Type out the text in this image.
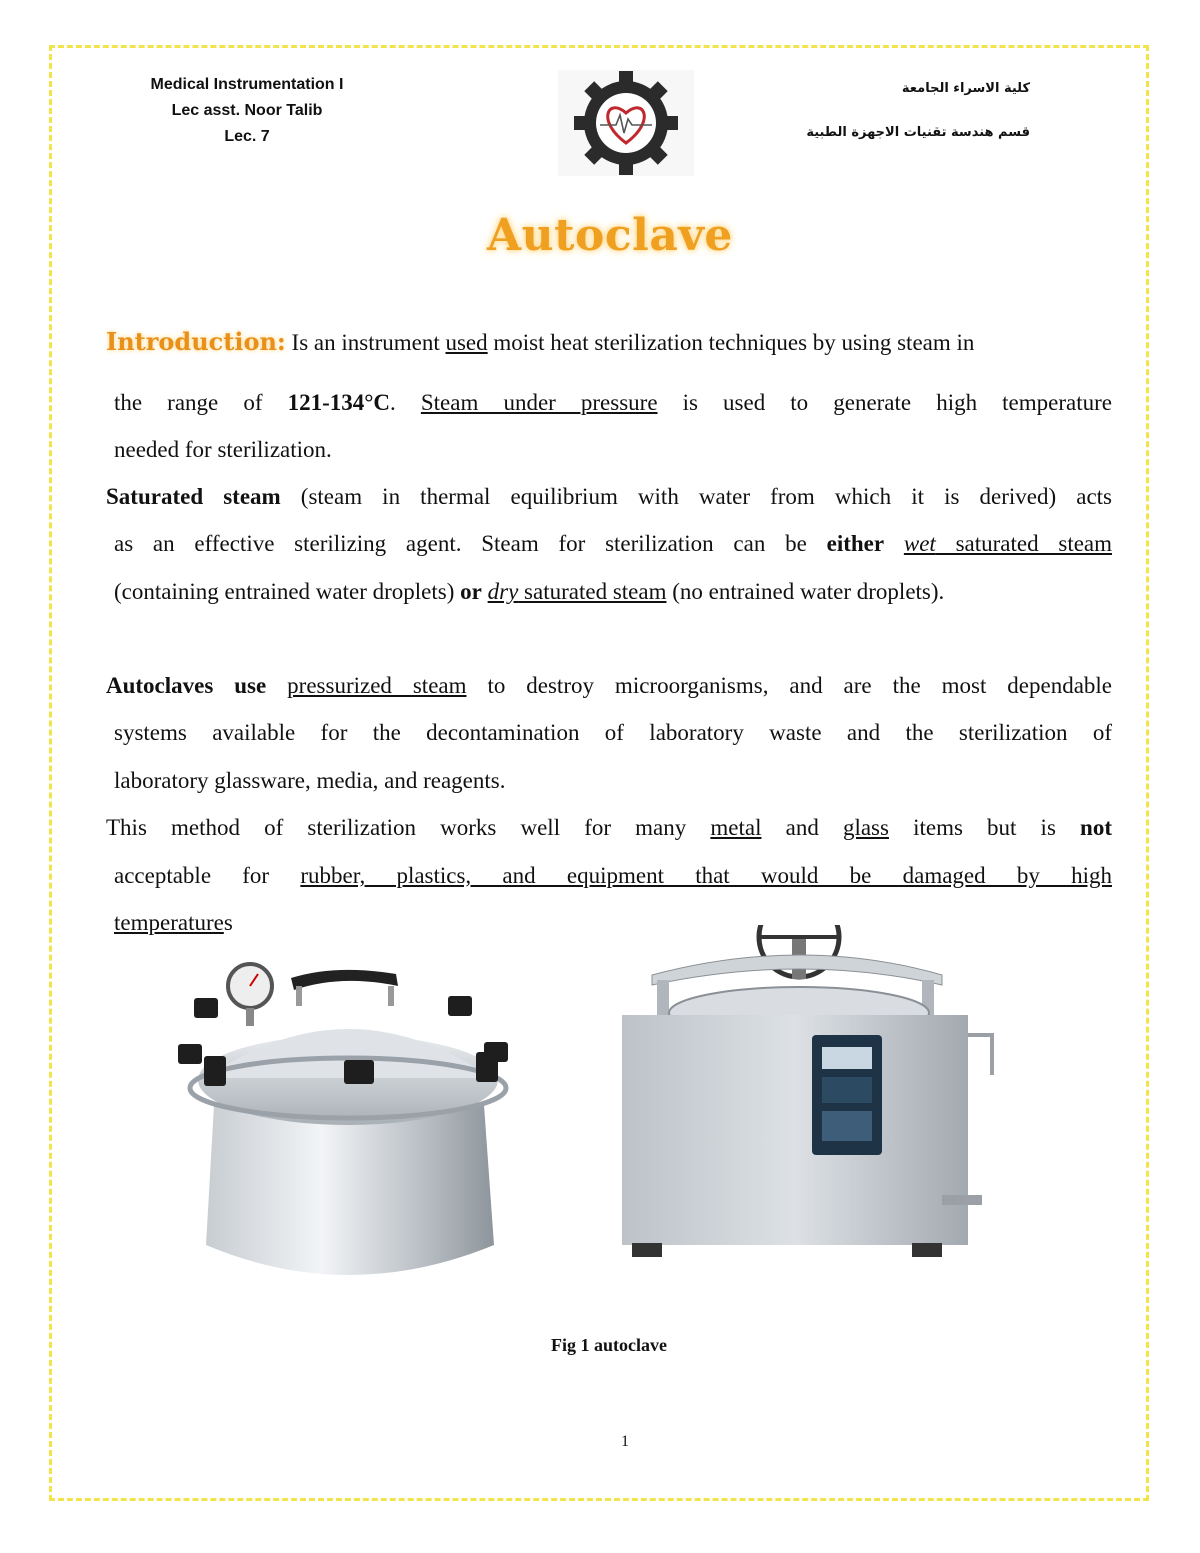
Medical Instrumentation I
Lec asst. Noor Talib
Lec. 7
كلية الاسراء الجامعة
قسم هندسة تقنيات الاجهزة الطبية
Autoclave
Introduction: Is an instrument used moist heat sterilization techniques by using steam in
the range of 121-134°C. Steam under pressure is used to generate high temperature
needed for sterilization.
Saturated steam (steam in thermal equilibrium with water from which it is derived) acts
as an effective sterilizing agent. Steam for sterilization can be either wet saturated steam
(containing entrained water droplets) or dry saturated steam (no entrained water droplets).
Autoclaves use pressurized steam to destroy microorganisms, and are the most dependable
systems available for the decontamination of laboratory waste and the sterilization of
laboratory glassware, media, and reagents.
This method of sterilization works well for many metal and glass items but is not
acceptable for rubber, plastics, and equipment that would be damaged by high
temperatures
Fig 1 autoclave
1
